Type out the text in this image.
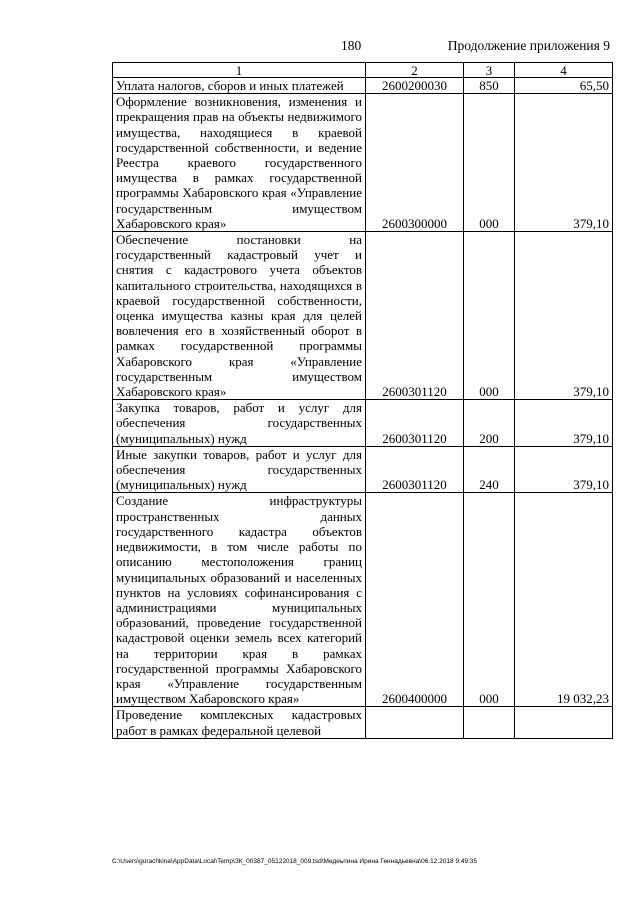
180	Продолжение приложения 9
1	2	3	4
Уплата налогов, сборов и иных платежей	2600200030	850	65,50
Оформление возникновения, изменения и прекращения прав на объекты недвижимого имущества, находящиеся в краевой государственной собственности, и ведение Реестра краевого государственного имущества в рамках государственной программы Хабаровского края «Управление государственным имуществом Хабаровского края»	2600300000	000	379,10
Обеспечение постановки на государственный кадастровый учет и снятия с кадастрового учета объектов капитального строительства, находящихся в краевой государственной собственности, оценка имущества казны края для целей вовлечения его в хозяйственный оборот в рамках государственной программы Хабаровского края «Управление государственным имуществом Хабаровского края»	2600301120	000	379,10
Закупка товаров, работ и услуг для обеспечения государственных (муниципальных) нужд	2600301120	200	379,10
Иные закупки товаров, работ и услуг для обеспечения государственных (муниципальных) нужд	2600301120	240	379,10
Создание инфраструктуры пространственных данных государственного кадастра объектов недвижимости, в том числе работы по описанию местоположения границ муниципальных образований и населенных пунктов на условиях софинансирования с администрациями муниципальных образований, проведение государственной кадастровой оценки земель всех категорий на территории края в рамках государственной программы Хабаровского края «Управление государственным имуществом Хабаровского края»	2600400000	000	19 032,23
Проведение комплексных кадастровых работ в рамках федеральной целевой			
C:\Users\gurachkina\AppData\Local\Temp\ЗК_00387_05122018_009.tsd\Медеьпина Ирина Геннадьевна\06.12.2018 9:49:35
